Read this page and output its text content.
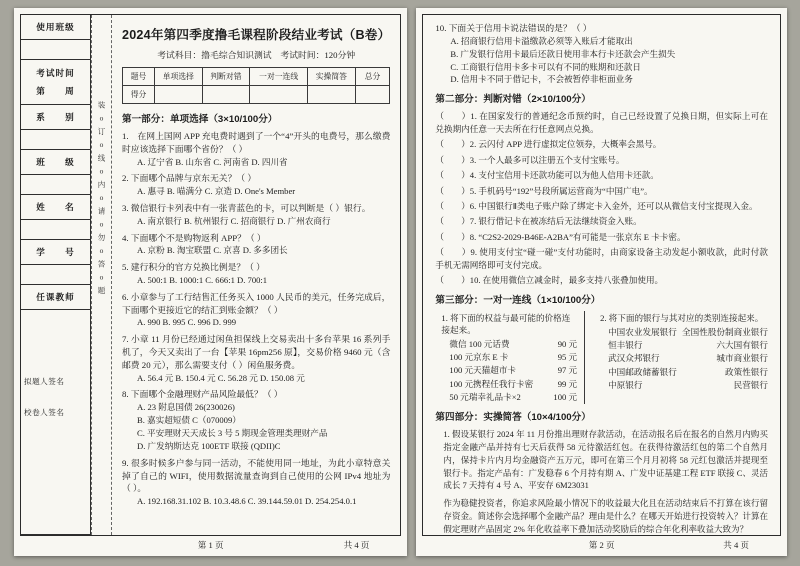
使用班级
考试时间
第　　周
系　　别
班　　级
姓　　名
学　　号
任课教师
拟题人签名
校卷人签名
装o订o线o内o请o勿o答o题
2024年第四季度撸毛课程阶段结业考试（B卷）
考试科目：撸毛综合知识测试　考试时间：120分钟
题号	单项选择	判断对错	一对一连线	实操简答	总分
得分					
第一部分：单项选择（3×10/100分）
1.　在网上国网 APP 充电费时遇到了一个“4”开头的电费号，那么缴费时应该选择下面哪个省份？（ ）
A. 辽宁省 B. 山东省 C. 河南省 D. 四川省
2. 下面哪个品牌与京东无关？（ ）
A. 惠寻 B. 喵满分 C. 京造 D. One's Member
3. 微信银行卡列表中有一张青蓝色的卡，可以判断是（ ）银行。
A. 南京银行 B. 杭州银行 C. 招商银行 D. 广州农商行
4. 下面哪个不是购物返利 APP？（ ）
A. 京粉 B. 淘宝联盟 C. 京喜 D. 多多团长
5. 建行积分的官方兑换比例是？（ ）
A. 500:1 B. 1000:1 C. 666:1 D. 700:1
6. 小章参与了工行结售汇任务买入 1000 人民币的美元，任务完成后，下面哪个更接近它的结汇到账金额？（ ）
A. 990 B. 995 C. 996 D. 999
7. 小章 11 月份已经通过闲鱼担保线上交易卖出十多台苹果 16 系列手机了，今天又卖出了一台【苹果 16pm256 原】，交易价格 9460 元（含邮费 20 元），那么需要支付（ ）闲鱼服务费。
A. 56.4 元 B. 150.4 元 C. 56.28 元 D. 150.08 元
8. 下面哪个金融理财产品风险最低？（ ）
A. 23 附息国债 26(230026)
B. 嘉实超短债 C（070009）
C. 平安理财天天成长 3 号 5 期现金管理类理财产品
D. 广发纳斯达克 100ETF 联接 (QDII)C
9. 很多时候多户参与同一活动，不能使用同一地址，为此小章特意关掉了自己的 WIFI，使用数据流量查询到自己使用的公网 IPv4 地址为（ ）。
A. 192.168.31.102 B. 10.3.48.6 C. 39.144.59.01 D. 254.254.0.1
第 1 页	共 4 页
10. 下面关于信用卡说法错误的是？（ ）
A. 招商银行信用卡溢缴款必须等入账后才能取出
B. 广发银行信用卡最后还款日使用非本行卡还款会产生损失
C. 工商银行信用卡多卡可以有不同的账期和还款日
D. 信用卡不同于借记卡，不会被暂停非柜面业务
第二部分：判断对错（2×10/100分）
（　　）1. 在国家发行的普通纪念币预约时，自己已经设置了兑换日期，但实际上可在兑换期内任意一天去所在行任意网点兑换。
（　　）2. 云闪付 APP 进行虚拟定位领券，大概率会黑号。
（　　）3. 一个人最多可以注册五个支付宝账号。
（　　）4. 支付宝信用卡还款功能可以为他人信用卡还款。
（　　）5. 手机码号“192”号段所属运营商为“中国广电”。
（　　）6. 中国银行Ⅱ类电子账户除了绑定卡入金外，还可以从微信支付宝提现入金。
（　　）7. 银行借记卡在被冻结后无法继续资金入账。
（　　）8. “C2S2-2029-B46E-A2BA”有可能是一张京东 E 卡卡密。
（　　）9. 使用支付宝“碰一碰”支付功能时，由商家设备主动发起小额收款，此时付款手机无需网络即可支付完成。
（　　）10. 在使用微信立减金时，最多支持八张叠加使用。
第三部分：一对一连线（1×10/100分）
1. 将下面的权益与最可能的价格连接起来。
微信 100 元话费	90 元
100 元京东 E 卡	95 元
100 元天猫超市卡	97 元
100 元携程任我行卡密	99 元
50 元瑞幸礼品卡×2	100 元
2. 将下面的银行与其对应的类别连接起来。
中国农业发展银行 全国性股份制商业银行
恒丰银行	六大国有银行
武汉众邦银行	城市商业银行
中国邮政储蓄银行	政策性银行
中原银行	民营银行
第四部分：实操简答（10×4/100分）
1. 假设某银行 2024 年 11 月份推出理财存款活动，在活动报名后在报名的自然月内购买指定金融产品并持有七天后获得 58 元待激活红包。在获得待激活红包的第二个自然月内，保持卡片内月均金融资产五万元，即可在第三个月月初将 58 元红包激活并提现至银行卡。指定产品有：广发稳春 6 个月持有期 A、广发中证基建工程 ETF 联接 C、灵活成长 7 天持有 4 号 A、平安存 6M23031
作为稳健投资者，你追求风险最小情况下的收益最大化且在活动结束后不打算在该行留存资金。简述你会选择哪个金融产品？理由是什么？在哪天开始进行投资转入？计算在假定理财产品固定 2% 年化收益率下叠加活动奖励后的综合年化利率收益大致为？
第 2 页	共 4 页
